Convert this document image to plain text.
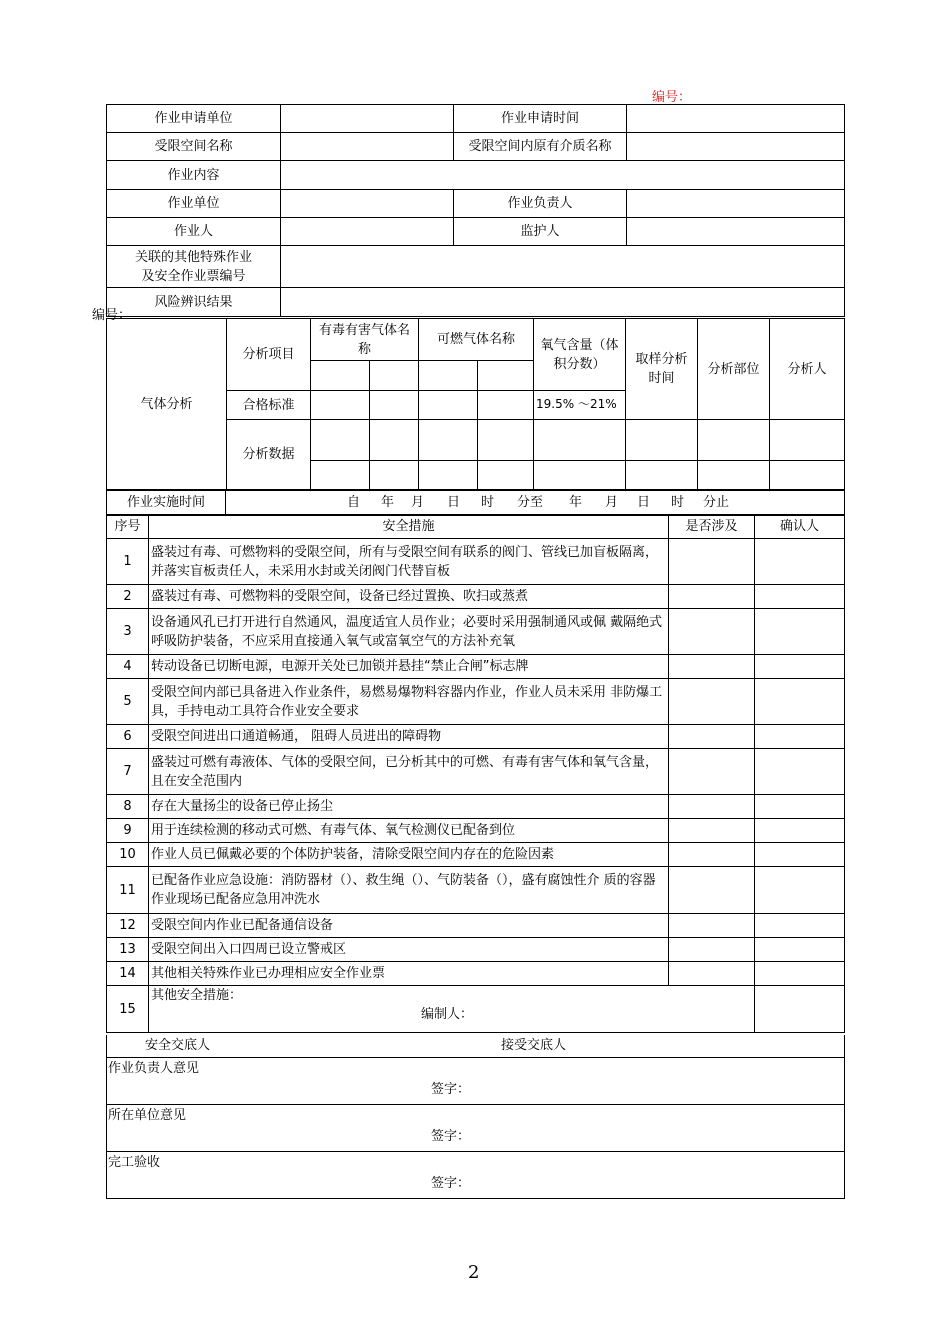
编号：
作业申请单位		作业申请时间	
受限空间名称		受限空间内原有介质名称	
作业内容			
作业单位		作业负责人	
作业人		监护人	
关联的其他特殊作业
及安全作业票编号			
风险辨识结果			
编号：
气体分析	分析项目	有毒有害气体名称		可燃气体名称		氧气含量（体积分数）	取样分析时间	分析部位	分析人

	合格标准					19.5% ～21%			
	分析数据								

作业实施时间	自 年 月 日 时 分至 年 月 日 时 分止
序号	安全措施	是否涉及	确认人
1	盛装过有毒、可燃物料的受限空间，所有与受限空间有联系的阀门、管线已加盲板隔离，并落实盲板责任人，未采用水封或关闭阀门代替盲板		
2	盛装过有毒、可燃物料的受限空间，设备已经过置换、吹扫或蒸煮		
3	设备通风孔已打开进行自然通风，温度适宜人员作业；必要时采用强制通风或佩 戴隔绝式呼吸防护装备，不应采用直接通入氧气或富氧空气的方法补充氧		
4	转动设备已切断电源，电源开关处已加锁并悬挂“禁止合闸”标志牌		
5	受限空间内部已具备进入作业条件，易燃易爆物料容器内作业，作业人员未采用 非防爆工具，手持电动工具符合作业安全要求		
6	受限空间进出口通道畅通， 阻碍人员进出的障碍物		
7	盛装过可燃有毒液体、气体的受限空间，已分析其中的可燃、有毒有害气体和氧气含量，且在安全范围内		
8	存在大量扬尘的设备已停止扬尘		
9	用于连续检测的移动式可燃、有毒气体、氧气检测仪已配备到位		
10	作业人员已佩戴必要的个体防护装备，清除受限空间内存在的危险因素		
11	已配备作业应急设施：消防器材（）、救生绳（）、气防装备（），盛有腐蚀性介 质的容器作业现场已配备应急用冲洗水		
12	受限空间内作业已配备通信设备		
13	受限空间出入口四周已设立警戒区		
14	其他相关特殊作业已办理相应安全作业票		
15	其他安全措施：
编制人：		

安全交底人	接受交底人
作业负责人意见
签字：

所在单位意见
签字：

完工验收
签字：
2
